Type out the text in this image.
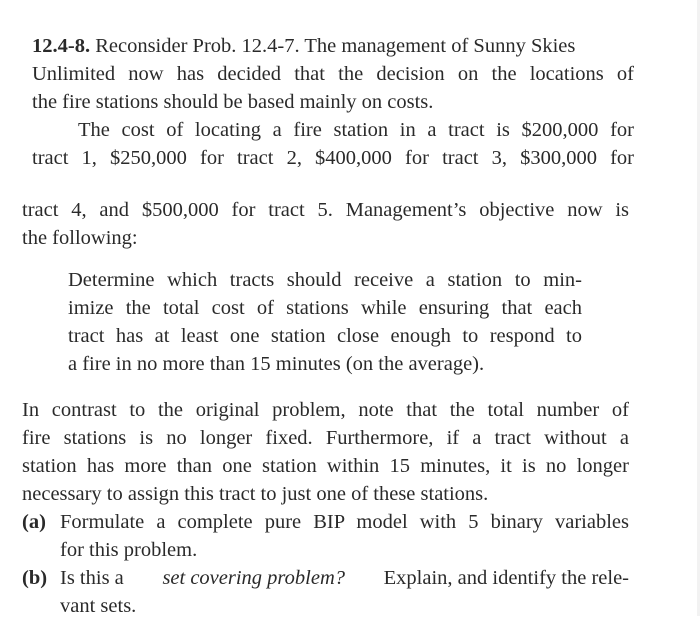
12.4-8. Reconsider Prob. 12.4-7. The management of Sunny Skies
Unlimited now has decided that the decision on the locations of
the fire stations should be based mainly on costs.
The cost of locating a fire station in a tract is $200,000 for
tract 1, $250,000 for tract 2, $400,000 for tract 3, $300,000 for
tract 4, and $500,000 for tract 5. Management’s objective now is
the following:
Determine which tracts should receive a station to min-
imize the total cost of stations while ensuring that each
tract has at least one station close enough to respond to
a fire in no more than 15 minutes (on the average).
In contrast to the original problem, note that the total number of
fire stations is no longer fixed. Furthermore, if a tract without a
station has more than one station within 15 minutes, it is no longer
necessary to assign this tract to just one of these stations.
(a) Formulate a complete pure BIP model with 5 binary variables
for this problem.
(b) Is this a set covering problem? Explain, and identify the rele-
vant sets.
